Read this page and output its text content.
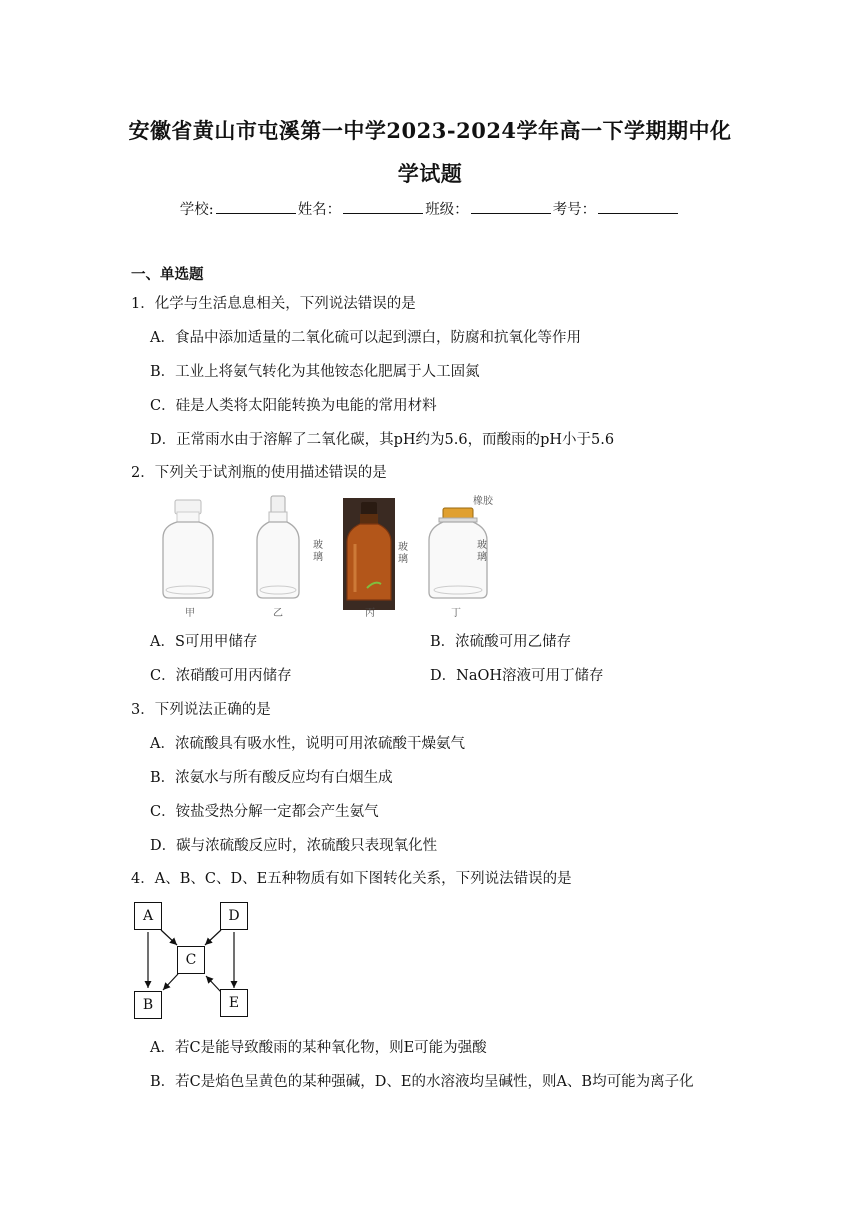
安徽省黄山市屯溪第一中学2023-2024学年高一下学期期中化
学试题
学校:	姓名：	班级：	考号：
一、单选题
1．化学与生活息息相关，下列说法错误的是
A．食品中添加适量的二氧化硫可以起到漂白，防腐和抗氧化等作用
B．工业上将氨气转化为其他铵态化肥属于人工固氮
C．硅是人类将太阳能转换为电能的常用材料
D．正常雨水由于溶解了二氧化碳，其pH约为5.6，而酸雨的pH小于5.6
2．下列关于试剂瓶的使用描述错误的是
甲	乙	丙	丁
玻璃
玻璃
玻璃
橡胶
A．S可用甲储存	B．浓硫酸可用乙储存
C．浓硝酸可用丙储存	D．NaOH溶液可用丁储存
3．下列说法正确的是
A．浓硫酸具有吸水性，说明可用浓硫酸干燥氨气
B．浓氨水与所有酸反应均有白烟生成
C．铵盐受热分解一定都会产生氨气
D．碳与浓硫酸反应时，浓硫酸只表现氧化性
4．A、B、C、D、E五种物质有如下图转化关系，下列说法错误的是
A	D
C
B	E
A．若C是能导致酸雨的某种氧化物，则E可能为强酸
B．若C是焰色呈黄色的某种强碱，D、E的水溶液均呈碱性，则A、B均可能为离子化
